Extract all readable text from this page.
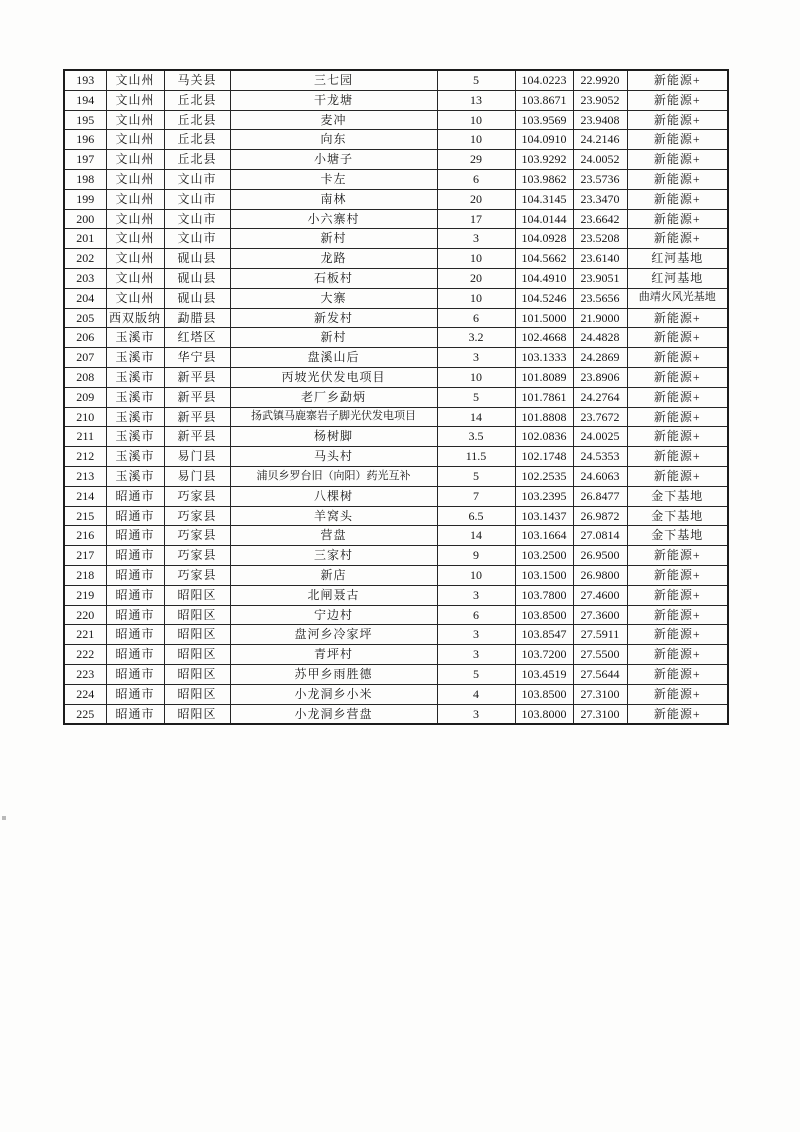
193	文山州	马关县	三七园	5	104.0223	22.9920	新能源+
194	文山州	丘北县	干龙塘	13	103.8671	23.9052	新能源+
195	文山州	丘北县	麦冲	10	103.9569	23.9408	新能源+
196	文山州	丘北县	向东	10	104.0910	24.2146	新能源+
197	文山州	丘北县	小塘子	29	103.9292	24.0052	新能源+
198	文山州	文山市	卡左	6	103.9862	23.5736	新能源+
199	文山州	文山市	南林	20	104.3145	23.3470	新能源+
200	文山州	文山市	小六寨村	17	104.0144	23.6642	新能源+
201	文山州	文山市	新村	3	104.0928	23.5208	新能源+
202	文山州	砚山县	龙路	10	104.5662	23.6140	红河基地
203	文山州	砚山县	石板村	20	104.4910	23.9051	红河基地
204	文山州	砚山县	大寨	10	104.5246	23.5656	曲靖火风光基地
205	西双版纳	勐腊县	新发村	6	101.5000	21.9000	新能源+
206	玉溪市	红塔区	新村	3.2	102.4668	24.4828	新能源+
207	玉溪市	华宁县	盘溪山后	3	103.1333	24.2869	新能源+
208	玉溪市	新平县	丙坡光伏发电项目	10	101.8089	23.8906	新能源+
209	玉溪市	新平县	老厂乡勐炳	5	101.7861	24.2764	新能源+
210	玉溪市	新平县	扬武镇马鹿寨岩子脚光伏发电项目	14	101.8808	23.7672	新能源+
211	玉溪市	新平县	杨树脚	3.5	102.0836	24.0025	新能源+
212	玉溪市	易门县	马头村	11.5	102.1748	24.5353	新能源+
213	玉溪市	易门县	浦贝乡罗台旧（向阳）药光互补	5	102.2535	24.6063	新能源+
214	昭通市	巧家县	八棵树	7	103.2395	26.8477	金下基地
215	昭通市	巧家县	羊窝头	6.5	103.1437	26.9872	金下基地
216	昭通市	巧家县	营盘	14	103.1664	27.0814	金下基地
217	昭通市	巧家县	三家村	9	103.2500	26.9500	新能源+
218	昭通市	巧家县	新店	10	103.1500	26.9800	新能源+
219	昭通市	昭阳区	北闸聂古	3	103.7800	27.4600	新能源+
220	昭通市	昭阳区	宁边村	6	103.8500	27.3600	新能源+
221	昭通市	昭阳区	盘河乡冷家坪	3	103.8547	27.5911	新能源+
222	昭通市	昭阳区	青坪村	3	103.7200	27.5500	新能源+
223	昭通市	昭阳区	苏甲乡雨胜德	5	103.4519	27.5644	新能源+
224	昭通市	昭阳区	小龙洞乡小米	4	103.8500	27.3100	新能源+
225	昭通市	昭阳区	小龙洞乡营盘	3	103.8000	27.3100	新能源+
